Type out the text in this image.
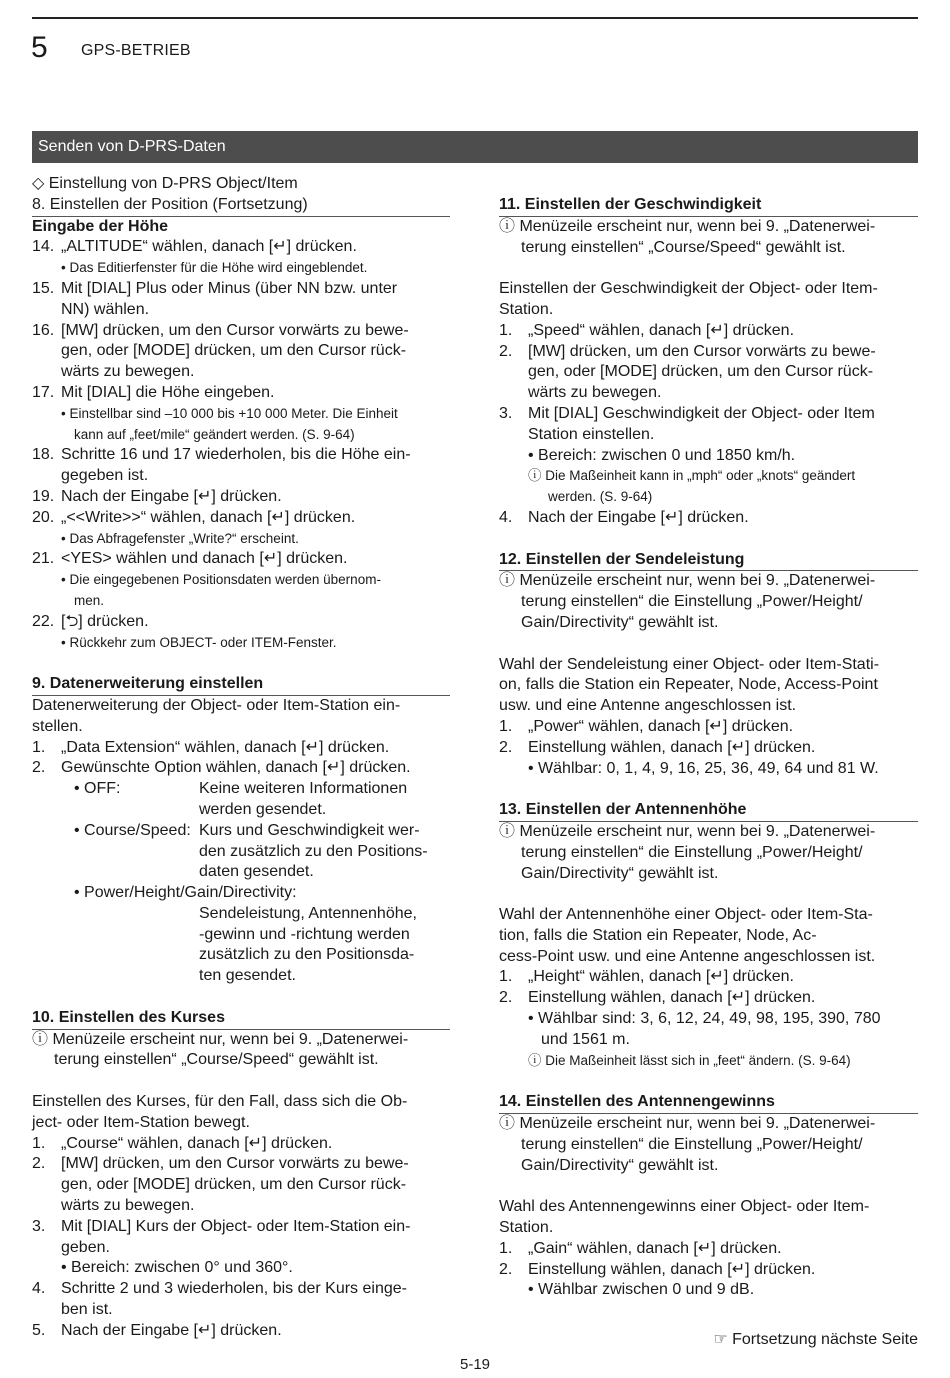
5 GPS-BETRIEB
Senden von D-PRS-Daten
◇ Einstellung von D-PRS Object/Item
8. Einstellen der Position (Fortsetzung)
Eingabe der Höhe
14. „ALTITUDE“ wählen, danach [↵] drücken.
• Das Editierfenster für die Höhe wird eingeblendet.
15. Mit [DIAL] Plus oder Minus (über NN bzw. unter
NN) wählen.
16. [MW] drücken, um den Cursor vorwärts zu bewe-
gen, oder [MODE] drücken, um den Cursor rück-
wärts zu bewegen.
17. Mit [DIAL] die Höhe eingeben.
• Einstellbar sind –10 000 bis +10 000 Meter. Die Einheit
kann auf „feet/mile“ geändert werden. (S. 9-64)
18. Schritte 16 und 17 wiederholen, bis die Höhe ein-
gegeben ist.
19. Nach der Eingabe [↵] drücken.
20. „<<Write>>“ wählen, danach [↵] drücken.
• Das Abfragefenster „Write?“ erscheint.
21. <YES> wählen und danach [↵] drücken.
• Die eingegebenen Positionsdaten werden übernom-
men.
22. [⮌] drücken.
• Rückkehr zum OBJECT- oder ITEM-Fenster.
9. Datenerweiterung einstellen
Datenerweiterung der Object- oder Item-Station ein-
stellen.
1. „Data Extension“ wählen, danach [↵] drücken.
2. Gewünschte Option wählen, danach [↵] drücken.
• OFF:	Keine weiteren Informationen
werden gesendet.
• Course/Speed: Kurs und Geschwindigkeit wer-
den zusätzlich zu den Positions-
daten gesendet.
• Power/Height/Gain/Directivity:
Sendeleistung, Antennenhöhe,
-gewinn und -richtung werden
zusätzlich zu den Positionsda-
ten gesendet.
10. Einstellen des Kurses
ⓘ Menüzeile erscheint nur, wenn bei 9. „Datenerwei-
terung einstellen“ „Course/Speed“ gewählt ist.
Einstellen des Kurses, für den Fall, dass sich die Ob-
ject- oder Item-Station bewegt.
1. „Course“ wählen, danach [↵] drücken.
2. [MW] drücken, um den Cursor vorwärts zu bewe-
gen, oder [MODE] drücken, um den Cursor rück-
wärts zu bewegen.
3. Mit [DIAL] Kurs der Object- oder Item-Station ein-
geben.
• Bereich: zwischen 0° und 360°.
4. Schritte 2 und 3 wiederholen, bis der Kurs einge-
ben ist.
5. Nach der Eingabe [↵] drücken.
11. Einstellen der Geschwindigkeit
ⓘ Menüzeile erscheint nur, wenn bei 9. „Datenerwei-
terung einstellen“ „Course/Speed“ gewählt ist.
Einstellen der Geschwindigkeit der Object- oder Item-
Station.
1. „Speed“ wählen, danach [↵] drücken.
2. [MW] drücken, um den Cursor vorwärts zu bewe-
gen, oder [MODE] drücken, um den Cursor rück-
wärts zu bewegen.
3. Mit [DIAL] Geschwindigkeit der Object- oder Item
Station einstellen.
• Bereich: zwischen 0 und 1850 km/h.
ⓘ Die Maßeinheit kann in „mph“ oder „knots“ geändert
werden. (S. 9-64)
4. Nach der Eingabe [↵] drücken.
12. Einstellen der Sendeleistung
ⓘ Menüzeile erscheint nur, wenn bei 9. „Datenerwei-
terung einstellen“ die Einstellung „Power/Height/
Gain/Directivity“ gewählt ist.
Wahl der Sendeleistung einer Object- oder Item-Stati-
on, falls die Station ein Repeater, Node, Access-Point
usw. und eine Antenne angeschlossen ist.
1. „Power“ wählen, danach [↵] drücken.
2. Einstellung wählen, danach [↵] drücken.
• Wählbar: 0, 1, 4, 9, 16, 25, 36, 49, 64 und 81 W.
13. Einstellen der Antennenhöhe
ⓘ Menüzeile erscheint nur, wenn bei 9. „Datenerwei-
terung einstellen“ die Einstellung „Power/Height/
Gain/Directivity“ gewählt ist.
Wahl der Antennenhöhe einer Object- oder Item-Sta-
tion, falls die Station ein Repeater, Node, Ac-
cess-Point usw. und eine Antenne angeschlossen ist.
1. „Height“ wählen, danach [↵] drücken.
2. Einstellung wählen, danach [↵] drücken.
• Wählbar sind: 3, 6, 12, 24, 49, 98, 195, 390, 780
und 1561 m.
ⓘ Die Maßeinheit lässt sich in „feet“ ändern. (S. 9-64)
14. Einstellen des Antennengewinns
ⓘ Menüzeile erscheint nur, wenn bei 9. „Datenerwei-
terung einstellen“ die Einstellung „Power/Height/
Gain/Directivity“ gewählt ist.
Wahl des Antennengewinns einer Object- oder Item-
Station.
1. „Gain“ wählen, danach [↵] drücken.
2. Einstellung wählen, danach [↵] drücken.
• Wählbar zwischen 0 und 9 dB.
☞ Fortsetzung nächste Seite
5-19
